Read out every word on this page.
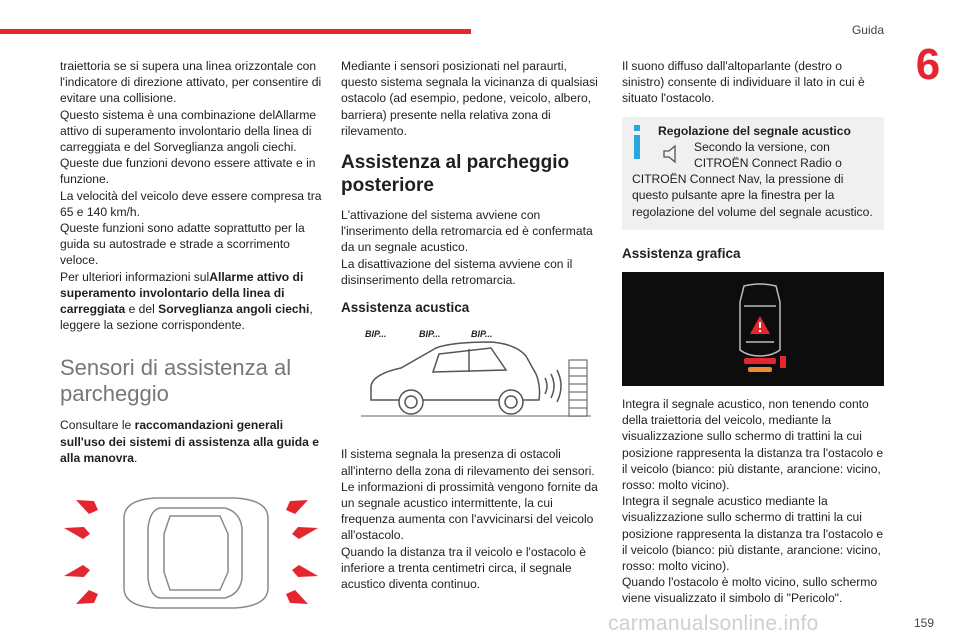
Guida
6

traiettoria se si supera una linea orizzontale con l'indicatore di direzione attivato, per consentire di evitare una collisione.

Questo sistema è una combinazione delAllarme attivo di superamento involontario della linea di carreggiata e del Sorveglianza angoli ciechi.

Queste due funzioni devono essere attivate e in funzione.

La velocità del veicolo deve essere compresa tra 65 e 140 km/h.

Queste funzioni sono adatte soprattutto per la guida su autostrade e strade a scorrimento veloce.

Per ulteriori informazioni sulAllarme attivo di superamento involontario della linea di carreggiata e del Sorveglianza angoli ciechi, leggere la sezione corrispondente.

Sensori di assistenza al parcheggio

Consultare le raccomandazioni generali sull'uso dei sistemi di assistenza alla guida e alla manovra.

Mediante i sensori posizionati nel paraurti, questo sistema segnala la vicinanza di qualsiasi ostacolo (ad esempio, pedone, veicolo, albero, barriera) presente nella relativa zona di rilevamento.

Assistenza al parcheggio posteriore

L'attivazione del sistema avviene con l'inserimento della retromarcia ed è confermata da un segnale acustico.

La disattivazione del sistema avviene con il disinserimento della retromarcia.

Assistenza acustica
BIP...	BIP...	BIP...

Il sistema segnala la presenza di ostacoli all'interno della zona di rilevamento dei sensori.

Le informazioni di prossimità vengono fornite da un segnale acustico intermittente, la cui frequenza aumenta con l'avvicinarsi del veicolo all'ostacolo.

Quando la distanza tra il veicolo e l'ostacolo è inferiore a trenta centimetri circa, il segnale acustico diventa continuo.

Il suono diffuso dall'altoparlante (destro o sinistro) consente di individuare il lato in cui è situato l'ostacolo.

Regolazione del segnale acustico
Secondo la versione, con
CITROËN Connect Radio o
CITROËN Connect Nav, la pressione di questo pulsante apre la finestra per la regolazione del volume del segnale acustico.
Assistenza grafica

Integra il segnale acustico, non tenendo conto della traiettoria del veicolo, mediante la visualizzazione sullo schermo di trattini la cui posizione rappresenta la distanza tra l'ostacolo e il veicolo (bianco: più distante, arancione: vicino, rosso: molto vicino).

Integra il segnale acustico mediante la visualizzazione sullo schermo di trattini la cui posizione rappresenta la distanza tra l'ostacolo e il veicolo (bianco: più distante, arancione: vicino, rosso: molto vicino).

Quando l'ostacolo è molto vicino, sullo schermo viene visualizzato il simbolo di "Pericolo".

carmanualsonline.info	159
